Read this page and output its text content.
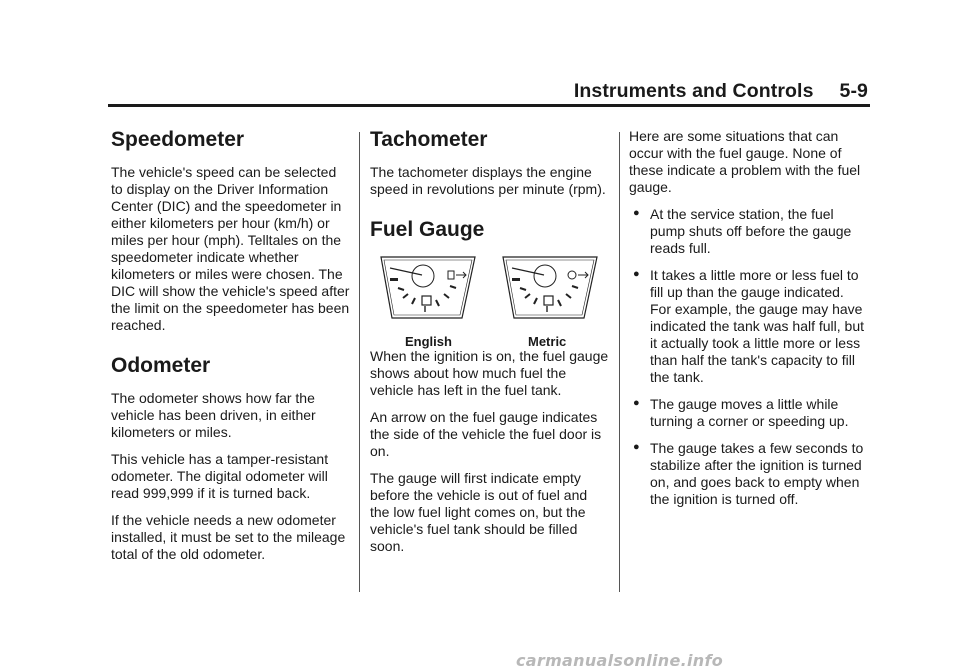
Instruments and Controls 5-9
Speedometer

The vehicle's speed can be selected to display on the Driver Information Center (DIC) and the speedometer in either kilometers per hour (km/h) or miles per hour (mph). Telltales on the speedometer indicate whether kilometers or miles were chosen. The DIC will show the vehicle's speed after the limit on the speedometer has been reached.

Odometer

The odometer shows how far the vehicle has been driven, in either kilometers or miles.

This vehicle has a tamper-resistant odometer. The digital odometer will read 999,999 if it is turned back.

If the vehicle needs a new odometer installed, it must be set to the mileage total of the old odometer.

Tachometer

The tachometer displays the engine speed in revolutions per minute (rpm).

Fuel Gauge
English	Metric

When the ignition is on, the fuel gauge shows about how much fuel the vehicle has left in the fuel tank.

An arrow on the fuel gauge indicates the side of the vehicle the fuel door is on.

The gauge will first indicate empty before the vehicle is out of fuel and the low fuel light comes on, but the vehicle's fuel tank should be filled soon.

Here are some situations that can occur with the fuel gauge. None of these indicate a problem with the fuel gauge.

● At the service station, the fuel pump shuts off before the gauge reads full.
● It takes a little more or less fuel to fill up than the gauge indicated. For example, the gauge may have indicated the tank was half full, but it actually took a little more or less than half the tank's capacity to fill the tank.
● The gauge moves a little while turning a corner or speeding up.
● The gauge takes a few seconds to stabilize after the ignition is turned on, and goes back to empty when the ignition is turned off.
carmanualsonline.info
